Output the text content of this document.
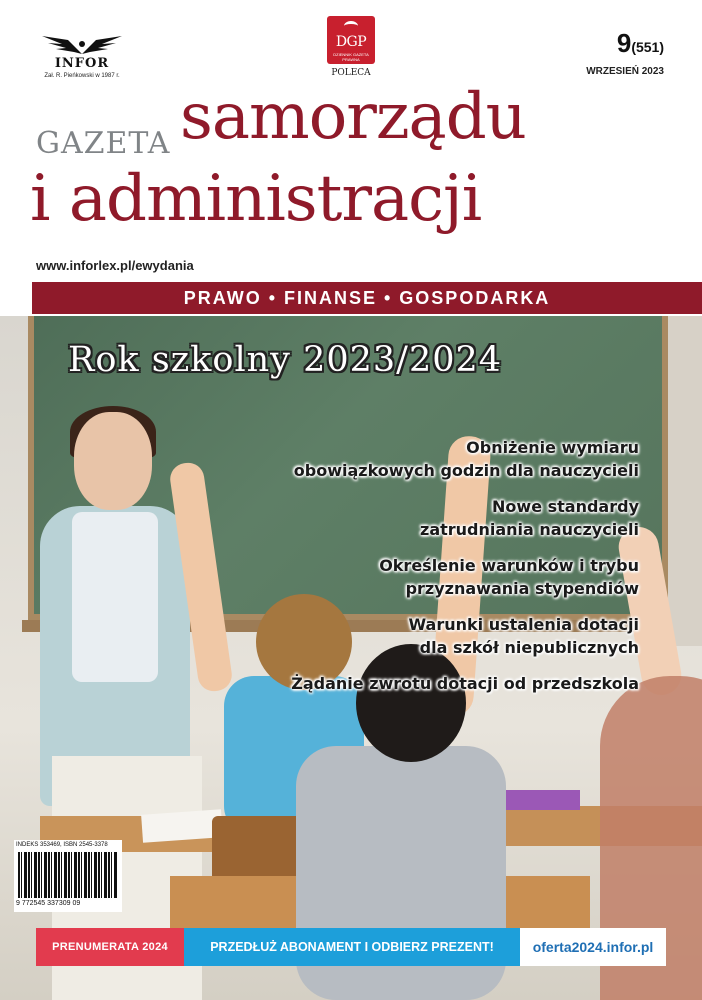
INFOR
Zał. R. Pieńkowski w 1987 r.
DGP
DZIENNIK GAZETA PRAWNA
POLECA
9(551)
WRZESIEŃ 2023
GAZETA samorządu
i administracji
www.inforlex.pl/ewydania
PRAWO • FINANSE • GOSPODARKA
Rok szkolny 2023/2024
Obniżenie wymiaru
obowiązkowych godzin dla nauczycieli
Nowe standardy
zatrudniania nauczycieli
Określenie warunków i trybu
przyznawania stypendiów
Warunki ustalenia dotacji
dla szkół niepublicznych
Żądanie zwrotu dotacji od przedszkola
INDEKS 353469, ISBN 2545-3378
9 772545 337309 09
PRENUMERATA 2024	PRZEDŁUŻ ABONAMENT I ODBIERZ PREZENT!	oferta2024.infor.pl
